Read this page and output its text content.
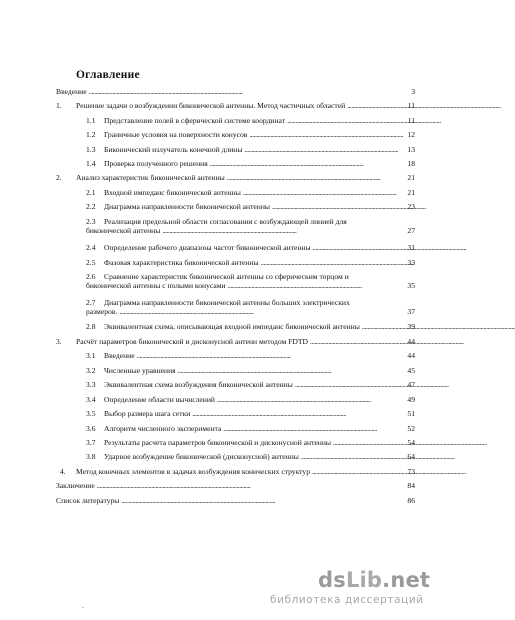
Оглавление
Введение . . .	3
1.	Решение задачи о возбуждении биконической антенны. Метод частичных областей . . .	11
1.1	Представление полей в сферической системе координат . . .	11
1.2	Граничные условия на поверхности конусов . . .	12
1.3	Биконический излучатель конечной длины . . .	13
1.4	Проверка полученного решения . . .	18
2.	Анализ характеристик биконической антенны . . .	21
2.1	Входной импеданс биконической антенны . . .	21
2.2	Диаграмма направленности биконической антенны . . .	23
2.3 Реализация предельной области согласования с возбуждающей линией для
биконической антенны . . .	27
2.4	Определение рабочего диапазона частот биконической антенны . . .	31
2.5	Фазовая характеристика биконической антенны . . .	33
2.6 Сравнение характеристик биконической антенны со сферическим торцом и
биконической антенны с полыми конусами . . .	35
2.7 Диаграмма направленности биконической антенны больших электрических
размеров. . . .	37
2.8	Эквивалентная схема, описывающая входной импеданс биконической антенны . . .	39
3.	Расчёт параметров биконической и дисконусной антенн методом FDTD . . .	44
3.1	Введение . . .	44
3.2	Численные уравнения . . .	45
3.3	Эквивалентная схема возбуждения биконической антенны . . .	47
3.4	Определение области вычислений . . .	49
3.5	Выбор размера шага сетки . . .	51
3.6	Алгоритм численного эксперимента . . .	52
3.7	Результаты расчета параметров биконической и дисконусной антенны . . .	54
3.8	Ударное возбуждение биконической (дисконусной) антенны . . .	64
4.	Метод конечных элементов в задачах возбуждения конических структур . . .	73
Заключение . . .	84
Список литературы . . .	86
dsLib.net
библиотека диссертаций
.
